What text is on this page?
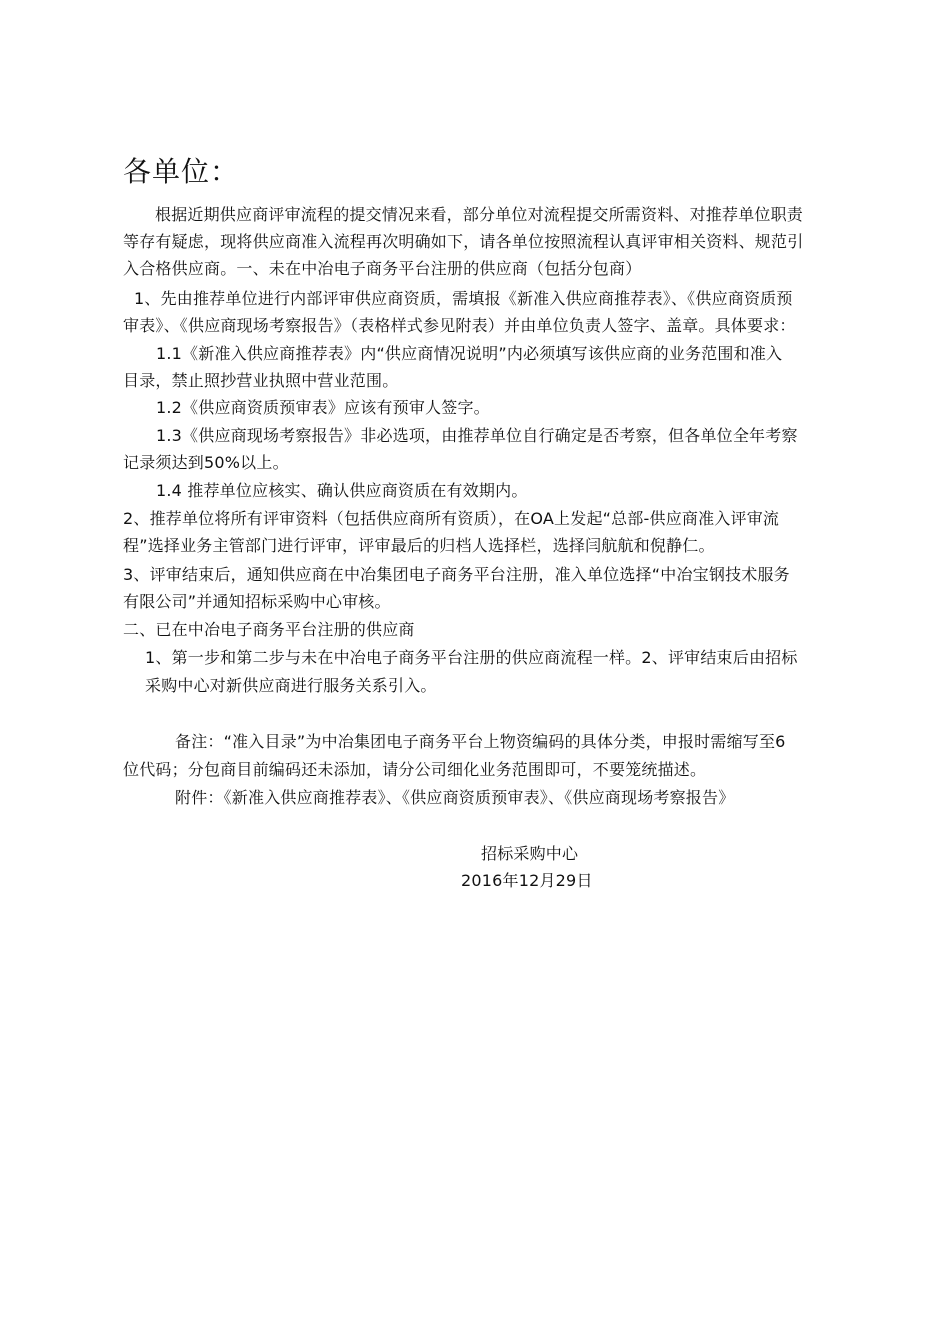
各单位：
根据近期供应商评审流程的提交情况来看，部分单位对流程提交所需资料、对推荐单位职责
等存有疑虑，现将供应商准入流程再次明确如下，请各单位按照流程认真评审相关资料、规范引
入合格供应商。一、未在中冶电子商务平台注册的供应商（包括分包商）
1、先由推荐单位进行内部评审供应商资质，需填报《新准入供应商推荐表》、《供应商资质预
审表》、《供应商现场考察报告》（表格样式参见附表）并由单位负责人签字、盖章。具体要求：
1.1《新准入供应商推荐表》内“供应商情况说明”内必须填写该供应商的业务范围和准入
目录，禁止照抄营业执照中营业范围。
1.2《供应商资质预审表》应该有预审人签字。
1.3《供应商现场考察报告》非必选项，由推荐单位自行确定是否考察，但各单位全年考察
记录须达到50%以上。
1.4 推荐单位应核实、确认供应商资质在有效期内。
2、推荐单位将所有评审资料（包括供应商所有资质），在OA上发起“总部-供应商准入评审流
程”选择业务主管部门进行评审，评审最后的归档人选择栏，选择闫航航和倪静仁。
3、评审结束后，通知供应商在中冶集团电子商务平台注册，准入单位选择“中冶宝钢技术服务
有限公司”并通知招标采购中心审核。
二、已在中冶电子商务平台注册的供应商
1、第一步和第二步与未在中冶电子商务平台注册的供应商流程一样。2、评审结束后由招标
采购中心对新供应商进行服务关系引入。
备注：“准入目录”为中冶集团电子商务平台上物资编码的具体分类，申报时需缩写至6
位代码；分包商目前编码还未添加，请分公司细化业务范围即可，不要笼统描述。
附件：《新准入供应商推荐表》、《供应商资质预审表》、《供应商现场考察报告》
招标采购中心
2016年12月29日
